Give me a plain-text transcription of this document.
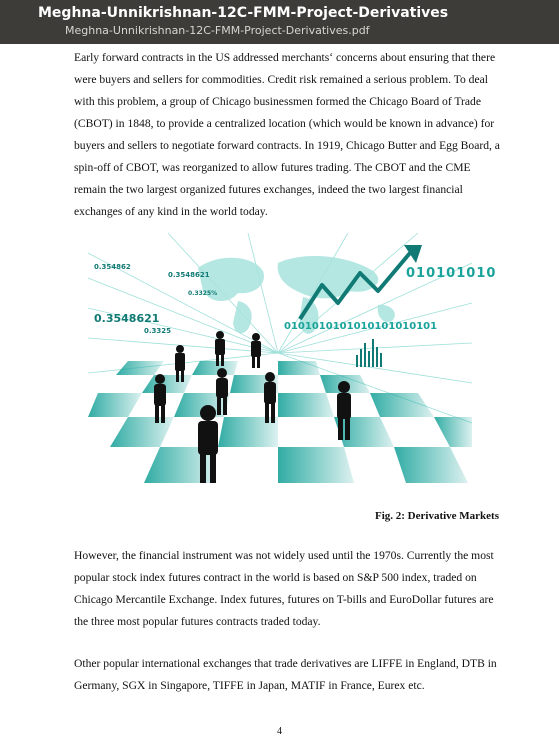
Meghna-Unnikrishnan-12C-FMM-Project-Derivatives
Meghna-Unnikrishnan-12C-FMM-Project-Derivatives.pdf

Early forward contracts in the US addressed merchants‘ concerns about ensuring that there were buyers and sellers for commodities. Credit risk remained a serious problem. To deal with this problem, a group of Chicago businessmen formed the Chicago Board of Trade (CBOT) in 1848, to provide a centralized location (which would be known in advance) for buyers and sellers to negotiate forward contracts. In 1919, Chicago Butter and Egg Board, a spin-off of CBOT, was reorganized to allow futures trading. The CBOT and the CME remain the two largest organized futures exchanges, indeed the two largest financial exchanges of any kind in the world today.

0.354862
0.3548621
0.3325
0.3548621
0.3325%
010101010
0101010101010101010101
Fig. 2: Derivative Markets

However, the financial instrument was not widely used until the 1970s. Currently the most popular stock index futures contract in the world is based on S&P 500 index, traded on Chicago Mercantile Exchange. Index futures, futures on T-bills and EuroDollar futures are the three most popular futures contracts traded today.

Other popular international exchanges that trade derivatives are LIFFE in England, DTB in Germany, SGX in Singapore, TIFFE in Japan, MATIF in France, Eurex etc.

4
